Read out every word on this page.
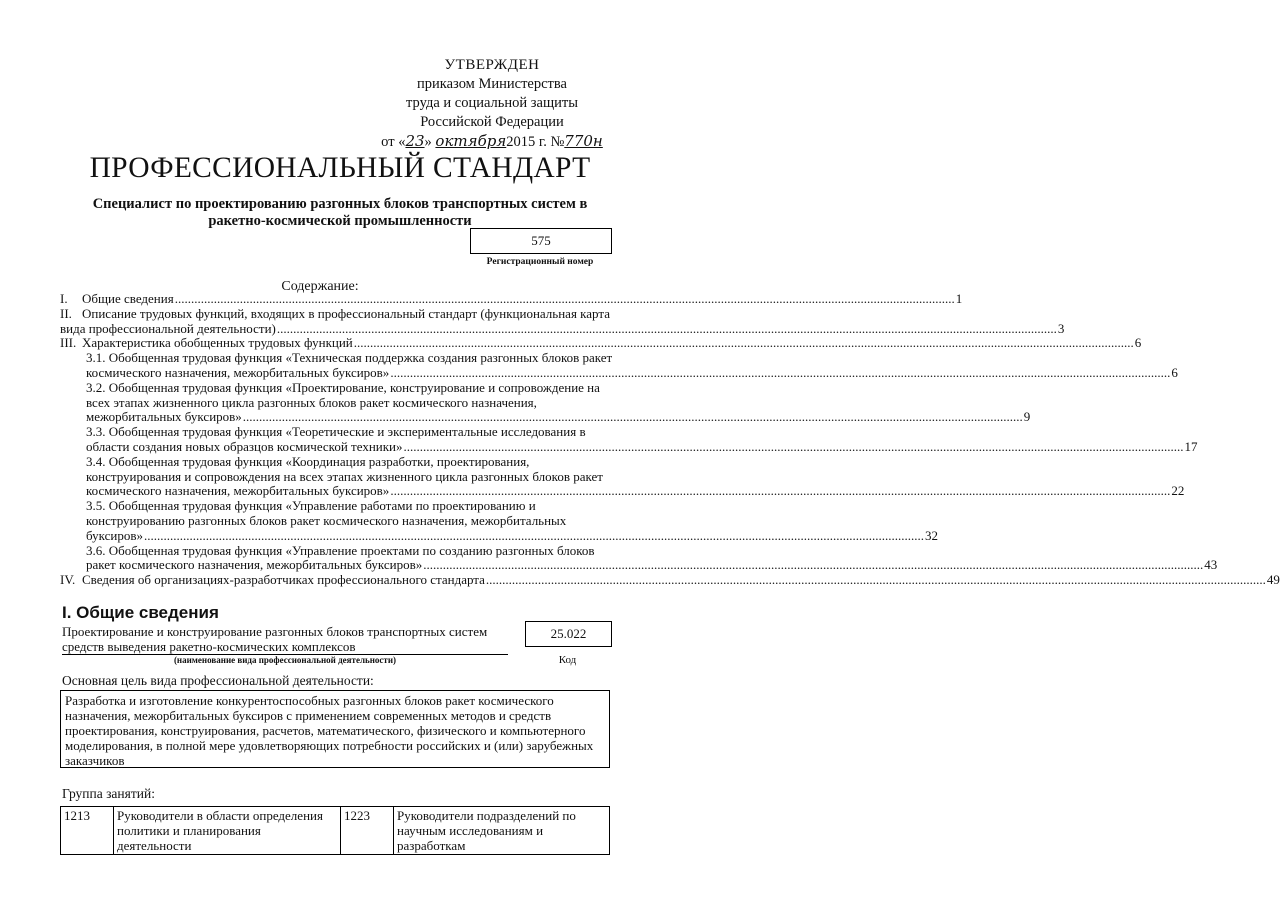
УТВЕРЖДЕН
приказом Министерства
труда и социальной защиты
Российской Федерации
от «23» октября2015 г. №770н
ПРОФЕССИОНАЛЬНЫЙ СТАНДАРТ
Специалист по проектированию разгонных блоков транспортных систем в
ракетно-космической промышленности
575
Регистрационный номер
Содержание:
I.	Общие сведения .....	1
II. Описание трудовых функций, входящих в профессиональный стандарт (функциональная карта
вида профессиональной деятельности) .....	3
III. Характеристика обобщенных трудовых функций .....	6
3.1. Обобщенная трудовая функция «Техническая поддержка создания разгонных блоков ракет
космического назначения, межорбитальных буксиров» .....	6
3.2. Обобщенная трудовая функция «Проектирование, конструирование и сопровождение на
всех этапах жизненного цикла разгонных блоков ракет космического назначения,
межорбитальных буксиров» .....	9
3.3. Обобщенная трудовая функция «Теоретические и экспериментальные исследования в
области создания новых образцов космической техники» .....	17
3.4. Обобщенная трудовая функция «Координация разработки, проектирования,
конструирования и сопровождения на всех этапах жизненного цикла разгонных блоков ракет
космического назначения, межорбитальных буксиров» .....	22
3.5. Обобщенная трудовая функция «Управление работами по проектированию и
конструированию разгонных блоков ракет космического назначения, межорбитальных
буксиров» .....	32
3.6. Обобщенная трудовая функция «Управление проектами по созданию разгонных блоков
ракет космического назначения, межорбитальных буксиров» .....	43
IV. Сведения об организациях-разработчиках профессионального стандарта .....	49
I. Общие сведения
Проектирование и конструирование разгонных блоков транспортных систем
средств выведения ракетно-космических комплексов
25.022
(наименование вида профессиональной деятельности)	Код
Основная цель вида профессиональной деятельности:
Разработка и изготовление конкурентоспособных разгонных блоков ракет космического назначения, межорбитальных буксиров с применением современных методов и средств проектирования, конструирования, расчетов, математического, физического и компьютерного моделирования, в полной мере удовлетворяющих потребности российских и (или) зарубежных заказчиков
Группа занятий:
1213	Руководители в области определения политики и планирования деятельности	1223	Руководители подразделений по научным исследованиям и разработкам
